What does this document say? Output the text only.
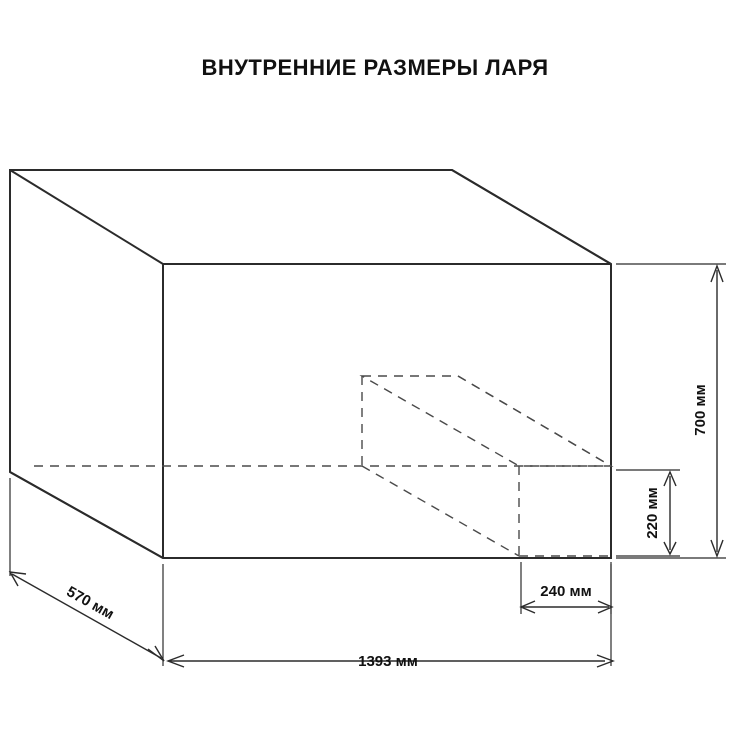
ВНУТРЕННИЕ РАЗМЕРЫ ЛАРЯ
700 мм
220 мм
570 мм
1393 мм
240 мм
